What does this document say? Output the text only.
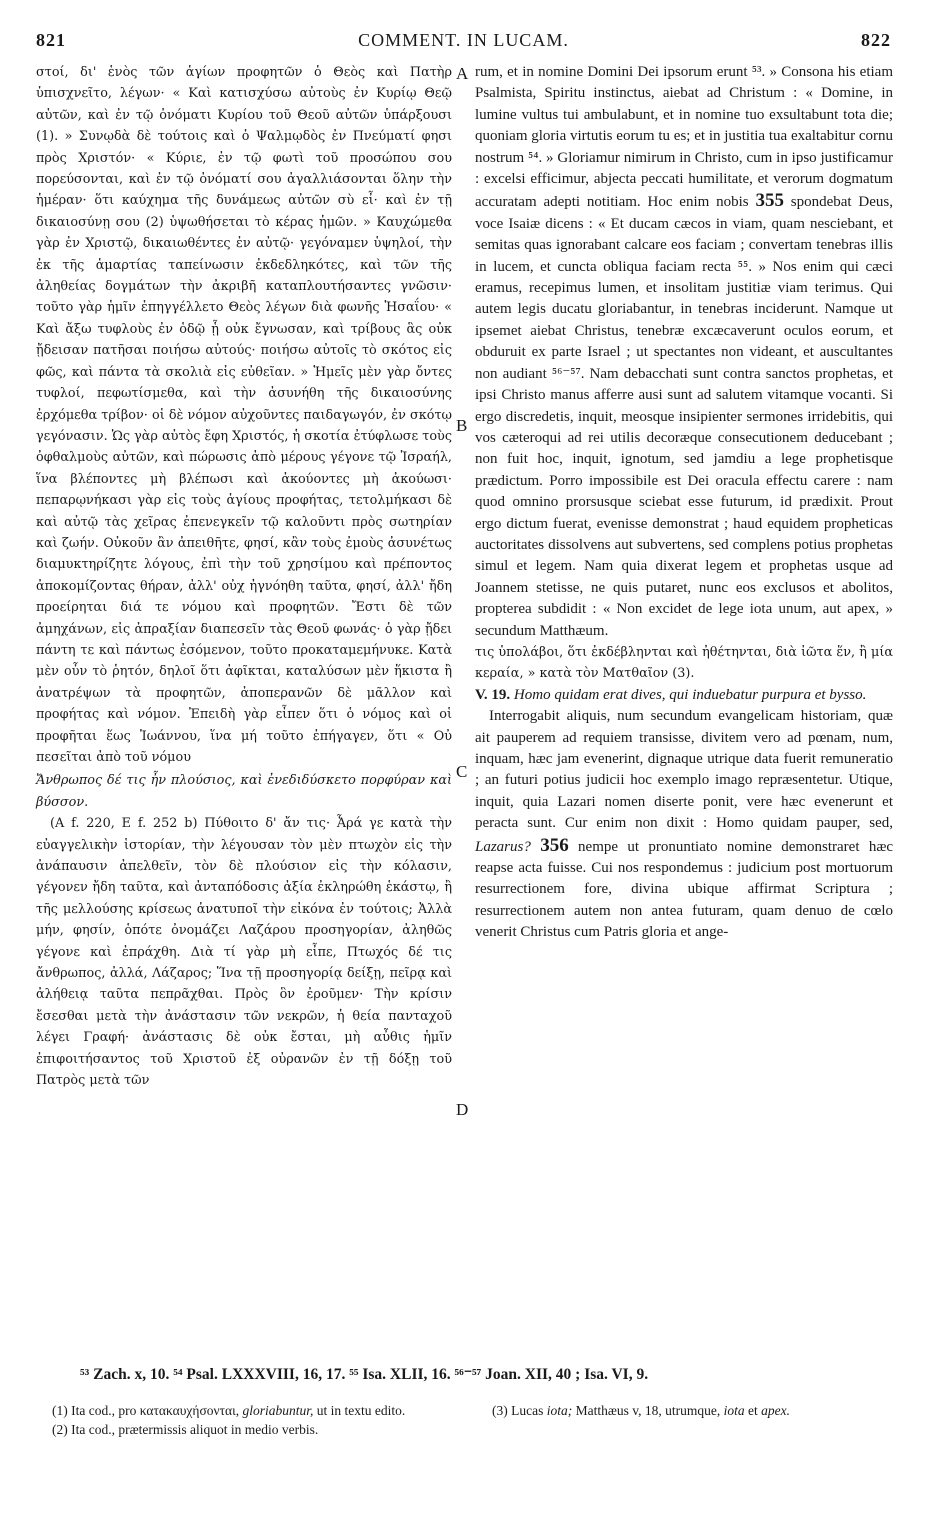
821	COMMENT. IN LUCAM.	822

στοί, δι' ἑνὸς τῶν ἁγίων προφητῶν ὁ Θεὸς καὶ Πατὴρ ὑπισχνεῖτο, λέγων· « Καὶ κατισχύσω αὐτοὺς ἐν Κυρίῳ Θεῷ αὐτῶν, καὶ ἐν τῷ ὀνόματι Κυρίου τοῦ Θεοῦ αὐτῶν ὑπάρξουσι (1). » Συνῳδὰ δὲ τούτοις καὶ ὁ Ψαλμῳδὸς ἐν Πνεύματί φησι πρὸς Χριστόν· « Κύριε, ἐν τῷ φωτὶ τοῦ προσώπου σου πορεύσονται, καὶ ἐν τῷ ὀνόματί σου ἀγαλλιάσονται ὅλην τὴν ἡμέραν· ὅτι καύχημα τῆς δυνάμεως αὐτῶν σὺ εἶ· καὶ ἐν τῇ δικαιοσύνῃ σου (2) ὑψωθήσεται τὸ κέρας ἡμῶν. » Καυχώμεθα γὰρ ἐν Χριστῷ, δικαιωθέντες ἐν αὐτῷ· γεγόναμεν ὑψηλοί, τὴν ἐκ τῆς ἁμαρτίας ταπείνωσιν ἐκδεδληκότες, καὶ τῶν τῆς ἀληθείας δογμάτων τὴν ἀκριβῆ καταπλουτήσαντες γνῶσιν· τοῦτο γὰρ ἡμῖν ἐπηγγέλλετο Θεὸς λέγων διὰ φωνῆς Ἡσαΐου· « Καὶ ἄξω τυφλοὺς ἐν ὁδῷ ᾗ οὐκ ἔγνωσαν, καὶ τρίβους ἃς οὐκ ᾔδεισαν πατῆσαι ποιήσω αὐτούς· ποιήσω αὐτοῖς τὸ σκότος εἰς φῶς, καὶ πάντα τὰ σκολιὰ εἰς εὐθεῖαν. » Ἡμεῖς μὲν γὰρ ὄντες τυφλοί, πεφωτίσμεθα, καὶ τὴν ἀσυνήθη τῆς δικαιοσύνης ἐρχόμεθα τρίβον· οἱ δὲ νόμον αὐχοῦντες παιδαγωγόν, ἐν σκότῳ γεγόνασιν. Ὡς γὰρ αὐτὸς ἔφη Χριστός, ἡ σκοτία ἐτύφλωσε τοὺς ὀφθαλμοὺς αὐτῶν, καὶ πώρωσις ἀπὸ μέρους γέγονε τῷ Ἰσραήλ, ἵνα βλέποντες μὴ βλέπωσι καὶ ἀκούοντες μὴ ἀκούωσι· πεπαρῳνήκασι γὰρ εἰς τοὺς ἁγίους προφήτας, τετολμήκασι δὲ καὶ αὐτῷ τὰς χεῖρας ἐπενεγκεῖν τῷ καλοῦντι πρὸς σωτηρίαν καὶ ζωήν. Οὐκοῦν ἂν ἀπειθῆτε, φησί, κἂν τοὺς ἐμοὺς ἀσυνέτως διαμυκτηρίζητε λόγους, ἐπὶ τὴν τοῦ χρησίμου καὶ πρέποντος ἀποκομίζοντας θήραν, ἀλλ' οὐχ ἠγνόηθη ταῦτα, φησί, ἀλλ' ἤδη προείρηται διά τε νόμου καὶ προφητῶν. Ἔστι δὲ τῶν ἀμηχάνων, εἰς ἀπραξίαν διαπεσεῖν τὰς Θεοῦ φωνάς· ὁ γὰρ ᾔδει πάντη τε καὶ πάντως ἐσόμενον, τοῦτο προκαταμεμήνυκε. Κατὰ μὲν οὖν τὸ ῥητόν, δηλοῖ ὅτι ἀφῖκται, καταλύσων μὲν ἥκιστα ἢ ἀνατρέψων τὰ προφητῶν, ἀποπερανῶν δὲ μᾶλλον καὶ προφήτας καὶ νόμον. Ἐπειδὴ γὰρ εἶπεν ὅτι ὁ νόμος καὶ οἱ προφῆται ἕως Ἰωάννου, ἵνα μή τοῦτο ἐπήγαγεν, ὅτι « Οὐ πεσεῖται ἀπὸ τοῦ νόμου

Ἄνθρωπος δέ τις ἦν πλούσιος, καὶ ἐνεδιδύσκετο πορφύραν καὶ βύσσον.

(A f. 220, E f. 252 b) Πύθοιτο δ' ἄν τις· Ἆρά γε κατὰ τὴν εὐαγγελικὴν ἱστορίαν, τὴν λέγουσαν τὸν μὲν πτωχὸν εἰς τὴν ἀνάπαυσιν ἀπελθεῖν, τὸν δὲ πλούσιον εἰς τὴν κόλασιν, γέγονεν ἤδη ταῦτα, καὶ ἀνταπόδοσις ἀξία ἐκληρώθη ἑκάστῳ, ἢ τῆς μελλούσης κρίσεως ἀνατυποῖ τὴν εἰκόνα ἐν τούτοις; Ἀλλὰ μήν, φησίν, ὁπότε ὀνομάζει Λαζάρου προσηγορίαν, ἀληθῶς γέγονε καὶ ἐπράχθη. Διὰ τί γὰρ μὴ εἶπε, Πτωχός δέ τις ἄνθρωπος, ἀλλά, Λάζαρος; Ἵνα τῇ προσηγορίᾳ δείξῃ, πεῖρᾳ καὶ ἀλήθειᾳ ταῦτα πεπρᾶχθαι. Πρὸς ὃν ἐροῦμεν· Τὴν κρίσιν ἔσεσθαι μετὰ τὴν ἀνάστασιν τῶν νεκρῶν, ἡ θεία πανταχοῦ λέγει Γραφή· ἀνάστασις δὲ οὐκ ἔσται, μὴ αὖθις ἡμῖν ἐπιφοιτήσαντος τοῦ Χριστοῦ ἐξ οὐρανῶν ἐν τῇ δόξῃ τοῦ Πατρὸς μετὰ τῶν

A
B
C
D

rum, et in nomine Domini Dei ipsorum erunt ⁵³. » Consona his etiam Psalmista, Spiritu instinctus, aiebat ad Christum : « Domine, in lumine vultus tui ambulabunt, et in nomine tuo exsultabunt tota die; quoniam gloria virtutis eorum tu es; et in justitia tua exaltabitur cornu nostrum ⁵⁴. » Gloriamur nimirum in Christo, cum in ipso justificamur : excelsi efficimur, abjecta peccati humilitate, et verorum dogmatum accuratam adepti notitiam. Hoc enim nobis 355 spondebat Deus, voce Isaiæ dicens : « Et ducam cæcos in viam, quam nesciebant, et semitas quas ignorabant calcare eos faciam ; convertam tenebras illis in lucem, et cuncta obliqua faciam recta ⁵⁵. » Nos enim qui cæci eramus, recepimus lumen, et insolitam justitiæ viam terimus. Qui autem legis ducatu gloriabantur, in tenebras inciderunt. Namque ut ipsemet aiebat Christus, tenebræ excæcaverunt oculos eorum, et obduruit ex parte Israel ; ut spectantes non videant, et auscultantes non audiant ⁵⁶⁻⁵⁷. Nam debacchati sunt contra sanctos prophetas, et ipsi Christo manus afferre ausi sunt ad salutem vitamque vocanti. Si ergo discredetis, inquit, meosque insipienter sermones irridebitis, qui vos cæteroqui ad rei utilis decoræque consecutionem deducebant ; non fuit hoc, inquit, ignotum, sed jamdiu a lege prophetisque prædictum. Porro impossibile est Dei oracula effectu carere : nam quod omnino prorsusque sciebat esse futurum, id prædixit. Prout ergo dictum fuerat, evenisse demonstrat ; haud equidem propheticas auctoritates dissolvens aut subvertens, sed complens potius prophetas simul et legem. Nam quia dixerat legem et prophetas usque ad Joannem stetisse, ne quis putaret, nunc eos exclusos et abolitos, propterea subdidit : « Non excidet de lege iota unum, aut apex, » secundum Matthæum.

τις ὑπολάβοι, ὅτι ἐκδέβληνται καὶ ἠθέτηνται, διὰ ἰῶτα ἕν, ἢ μία κεραία, » κατὰ τὸν Ματθαῖον (3).

V. 19. Homo quidam erat dives, qui induebatur purpura et bysso.

Interrogabit aliquis, num secundum evangelicam historiam, quæ ait pauperem ad requiem transisse, divitem vero ad pœnam, num, inquam, hæc jam evenerint, dignaque utrique data fuerit remuneratio ; an futuri potius judicii hoc exemplo imago repræsentetur. Utique, inquit, quia Lazari nomen diserte ponit, vere hæc evenerunt et peracta sunt. Cur enim non dixit : Homo quidam pauper, sed, Lazarus? 356 nempe ut pronuntiato nomine demonstraret hæc reapse acta fuisse. Cui nos respondemus : judicium post mortuorum resurrectionem fore, divina ubique affirmat Scriptura ; resurrectionem autem non antea futuram, quam denuo de cœlo venerit Christus cum Patris gloria et ange-

⁵³ Zach. x, 10. ⁵⁴ Psal. LXXXVIII, 16, 17. ⁵⁵ Isa. XLII, 16. ⁵⁶⁻⁵⁷ Joan. XII, 40 ; Isa. VI, 9.

(1) Ita cod., pro κατακαυχήσονται, gloriabuntur, ut in textu edito.

(2) Ita cod., prætermissis aliquot in medio verbis.

(3) Lucas iota; Matthæus v, 18, utrumque, iota et apex.
